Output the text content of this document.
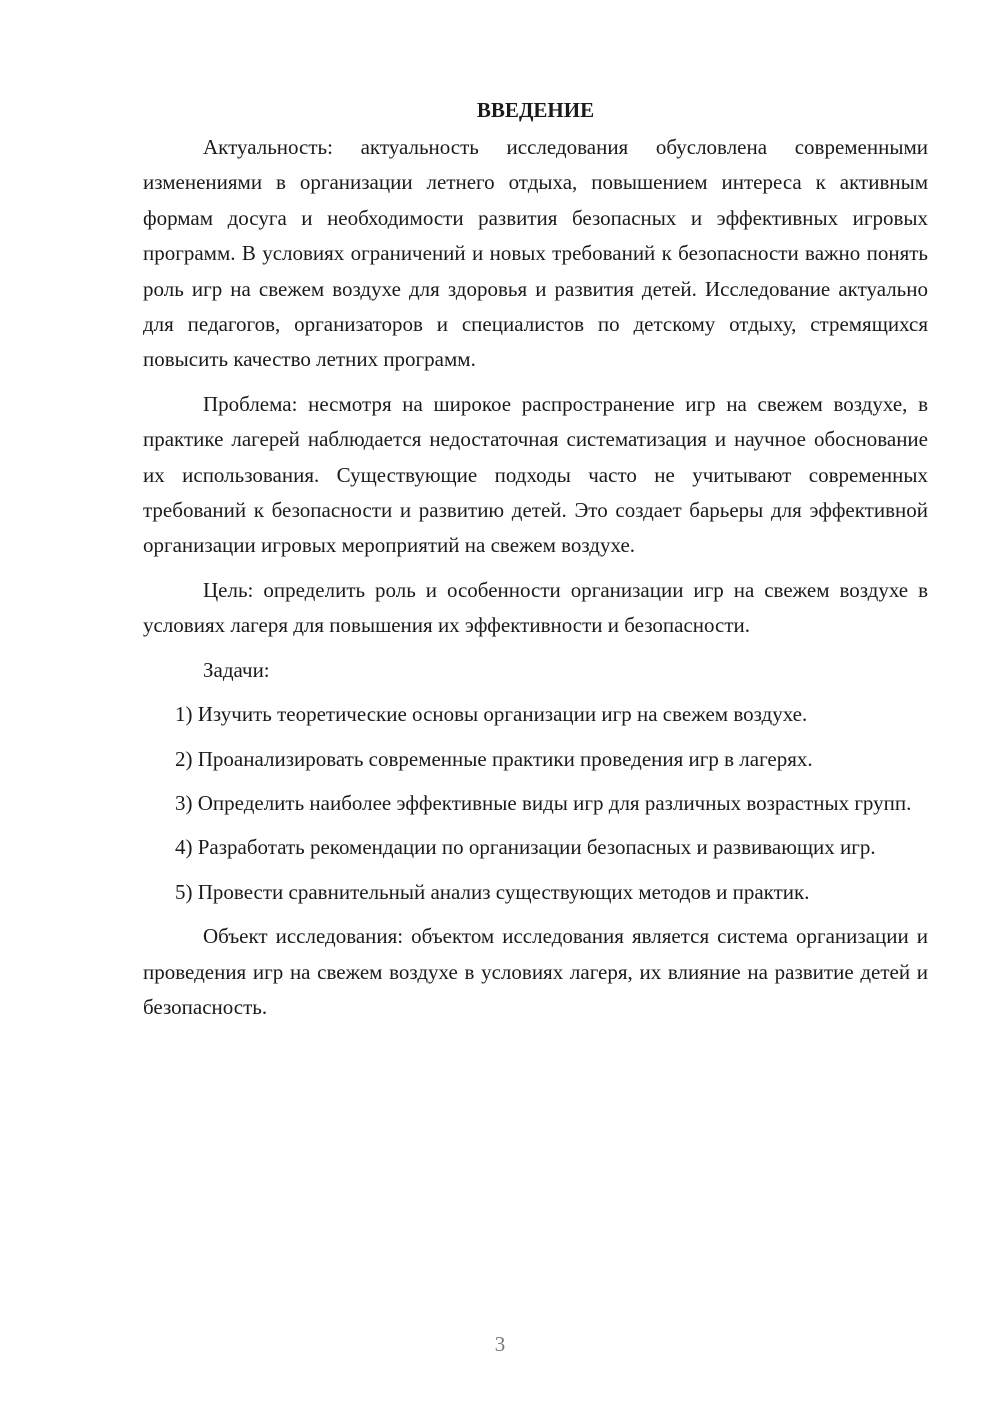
ВВЕДЕНИЕ

Актуальность: актуальность исследования обусловлена современными изменениями в организации летнего отдыха, повышением интереса к активным формам досуга и необходимости развития безопасных и эффективных игровых программ. В условиях ограничений и новых требований к безопасности важно понять роль игр на свежем воздухе для здоровья и развития детей. Исследование актуально для педагогов, организаторов и специалистов по детскому отдыху, стремящихся повысить качество летних программ.

Проблема: несмотря на широкое распространение игр на свежем воздухе, в практике лагерей наблюдается недостаточная систематизация и научное обоснование их использования. Существующие подходы часто не учитывают современных требований к безопасности и развитию детей. Это создает барьеры для эффективной организации игровых мероприятий на свежем воздухе.

Цель: определить роль и особенности организации игр на свежем воздухе в условиях лагеря для повышения их эффективности и безопасности.

Задачи:

1) Изучить теоретические основы организации игр на свежем воздухе.

2) Проанализировать современные практики проведения игр в лагерях.

3) Определить наиболее эффективные виды игр для различных возрастных групп.

4) Разработать рекомендации по организации безопасных и развивающих игр.

5) Провести сравнительный анализ существующих методов и практик.

Объект исследования: объектом исследования является система организации и проведения игр на свежем воздухе в условиях лагеря, их влияние на развитие детей и безопасность.

3
